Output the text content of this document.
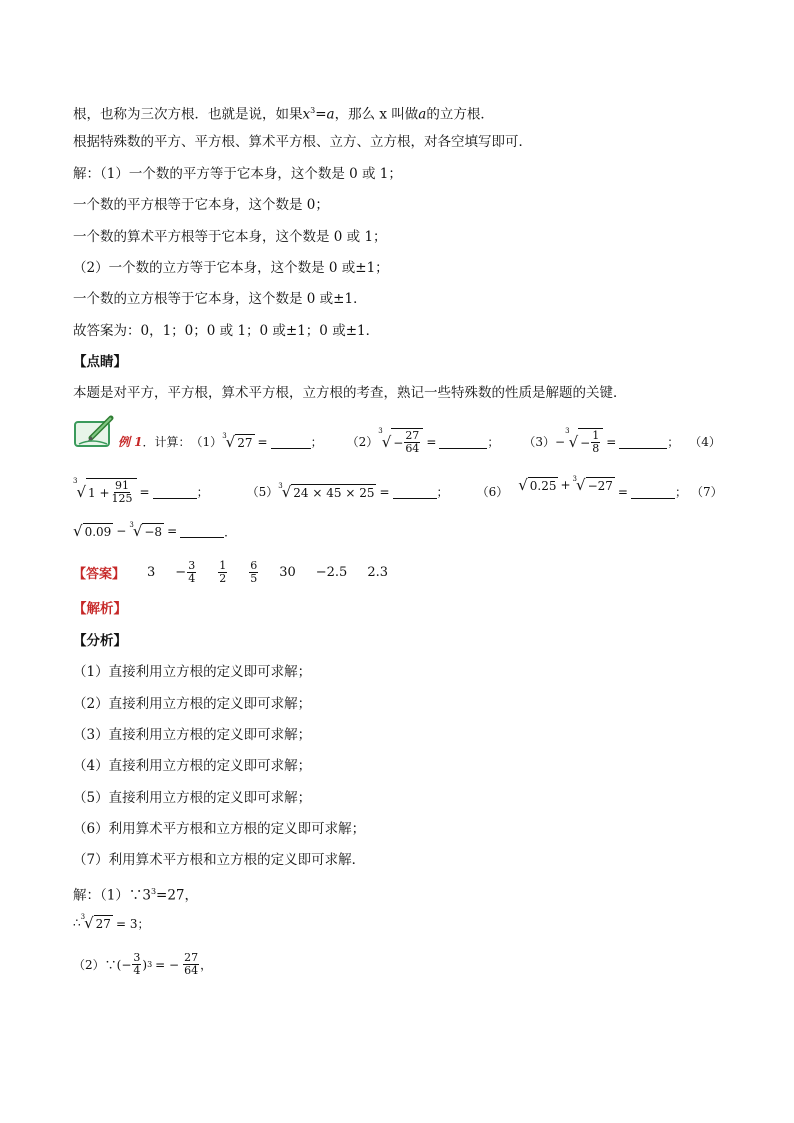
根，也称为三次方根．也就是说，如果$x^3=a$，那么 x 叫做a的立方根．
根据特殊数的平方、平方根、算术平方根、立方、立方根，对各空填写即可．
解：（1）一个数的平方等于它本身，这个数是 0 或 1；
一个数的平方根等于它本身，这个数是 0；
一个数的算术平方根等于它本身，这个数是 0 或 1；
（2）一个数的立方等于它本身，这个数是 0 或±1；
一个数的立方根等于它本身，这个数是 0 或±1．
故答案为：0，1；0；0 或 1；0 或±1；0 或±1．
【点睛】
本题是对平方，平方根，算术平方根，立方根的考查，熟记一些特殊数的性质是解题的关键．
例 1 ．计算： （1） 3 √ 27 =	； （2）
3
√ − $\frac{27}{64}$ =	； （3） −
3
√ − $\frac{1}{8}$ =	； （4）
3
√ $1 + \frac{91}{125}$ =	；	（5） 3 √ 24 × 45 × 25 =	； （6） √ 0.25 + 3 √ −27 =	； （7）
√ 0.09 − 3 √ −8 =	．
【答案】 $3 - \frac{3}{4} \frac{1}{2} \frac{6}{5} 30 -2.5$ 2.3
【解析】
【分析】
（1）直接利用立方根的定义即可求解；
（2）直接利用立方根的定义即可求解；
（3）直接利用立方根的定义即可求解；
（4）直接利用立方根的定义即可求解；
（5）直接利用立方根的定义即可求解；
（6）利用算术平方根和立方根的定义即可求解；
（7）利用算术平方根和立方根的定义即可求解．
解：$(1)\because 3^3=27$，
∴ 3 √ 27 = 3；
（2）∵(− $\frac{3}{4}$ ) 3 = − $\frac{27}{64}$ ，
